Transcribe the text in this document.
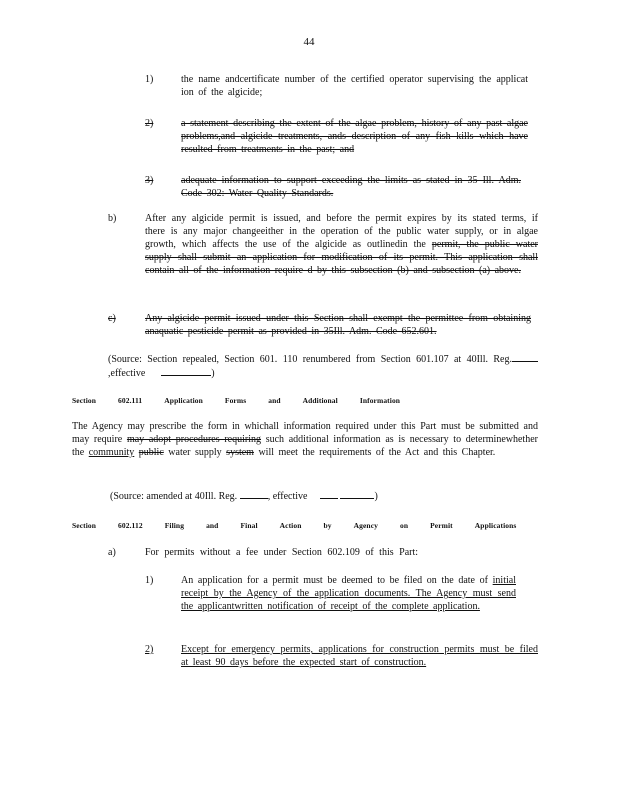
44
1)	the name andcertificate number of the certified operator supervising the applicat ion of the algicide;
2)	a statement describing the extent of the algae problem, history of any past algae problems,and algicide treatments, ands description of any fish kills which have resulted from treatments in the past; and
3)	adequate information to support exceeding the limits as stated in 35 Ill. Adm. Code 302: Water Quality Standards.
b)	After any algicide permit is issued, and before the permit expires by its stated terms, if there is any major changeeither in the operation of the public water supply, or in algae growth, which affects the use of the algicide as outlinedin the permit, the public water supply shall submit an application for modification of its permit. This application shall contain all of the information require d by this subsection (b) and subsection (a) above.
c)	Any algicide permit issued under this Section shall exempt the permittee from obtaining anaquatic pesticide permit as provided in 35Ill. Adm. Code 652.601.
(Source: Section repealed, Section 601. 110 renumbered from Section 601.107 at 40Ill. Reg.,effective	)
Section	602.111	Application	Forms	and	Additional	Information
The Agency may prescribe the form in whichall information required under this Part must be submitted and may require may adopt procedures requiring such additional information as is necessary to determinewhether the community public water supply system will meet the requirements of the Act and this Chapter.
(Source: amended at 40Ill. Reg.	, effective	)
Section	602.112	Filing	and	Final	Action	by	Agency	on	Permit	Applications
a)	For permits without a fee under Section 602.109 of this Part:
1)	An application for a permit must be deemed to be filed on the date of initial receipt by the Agency of the application documents. The Agency must send the applicantwritten notification of receipt of the complete application.
2)	Except for emergency permits, applications for construction permits must be filed at least 90 days before the expected start of construction.
